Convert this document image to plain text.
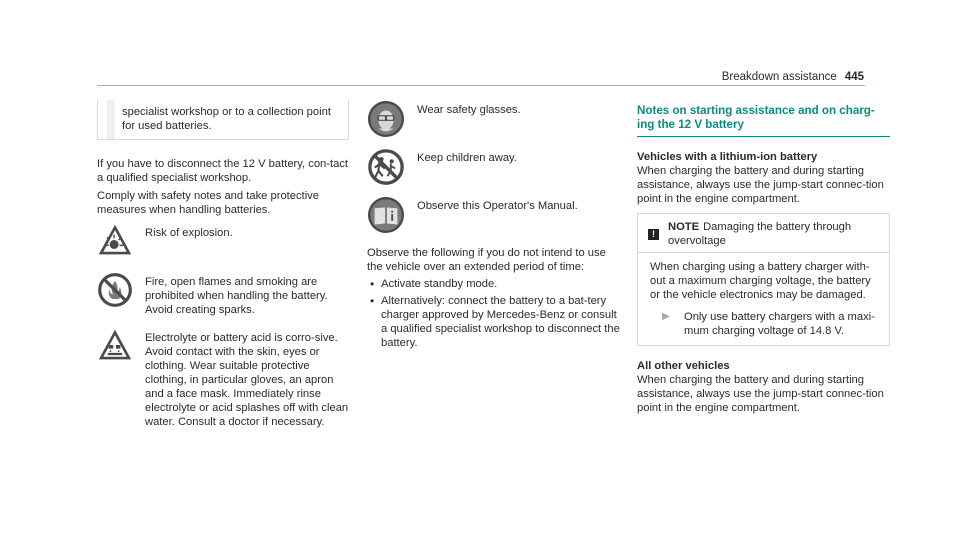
Breakdown assistance 445

specialist workshop or to a collection point for used batteries.

If you have to disconnect the 12 V battery, con-tact a qualified specialist workshop.

Comply with safety notes and take protective measures when handling batteries.

Risk of explosion.

Fire, open flames and smoking are prohibited when handling the battery. Avoid creating sparks.

Electrolyte or battery acid is corro-sive. Avoid contact with the skin, eyes or clothing. Wear suitable protective clothing, in particular gloves, an apron and a face mask. Immediately rinse electrolyte or acid splashes off with clean water. Consult a doctor if necessary.

Wear safety glasses.

Keep children away.

Observe this Operator's Manual.

Observe the following if you do not intend to use the vehicle over an extended period of time:

• Activate standby mode.
• Alternatively: connect the battery to a bat-tery charger approved by Mercedes-Benz or consult a qualified specialist workshop to disconnect the battery.
Notes on starting assistance and on charg-ing the 12 V battery

Vehicles with a lithium-ion battery

When charging the battery and during starting assistance, always use the jump-start connec-tion point in the engine compartment.

!
NOTE Damaging the battery through overvoltage

When charging using a battery charger with-out a maximum charging voltage, the battery or the vehicle electronics may be damaged.

▶ Only use battery chargers with a maxi-mum charging voltage of 14.8 V.

All other vehicles

When charging the battery and during starting assistance, always use the jump-start connec-tion point in the engine compartment.
